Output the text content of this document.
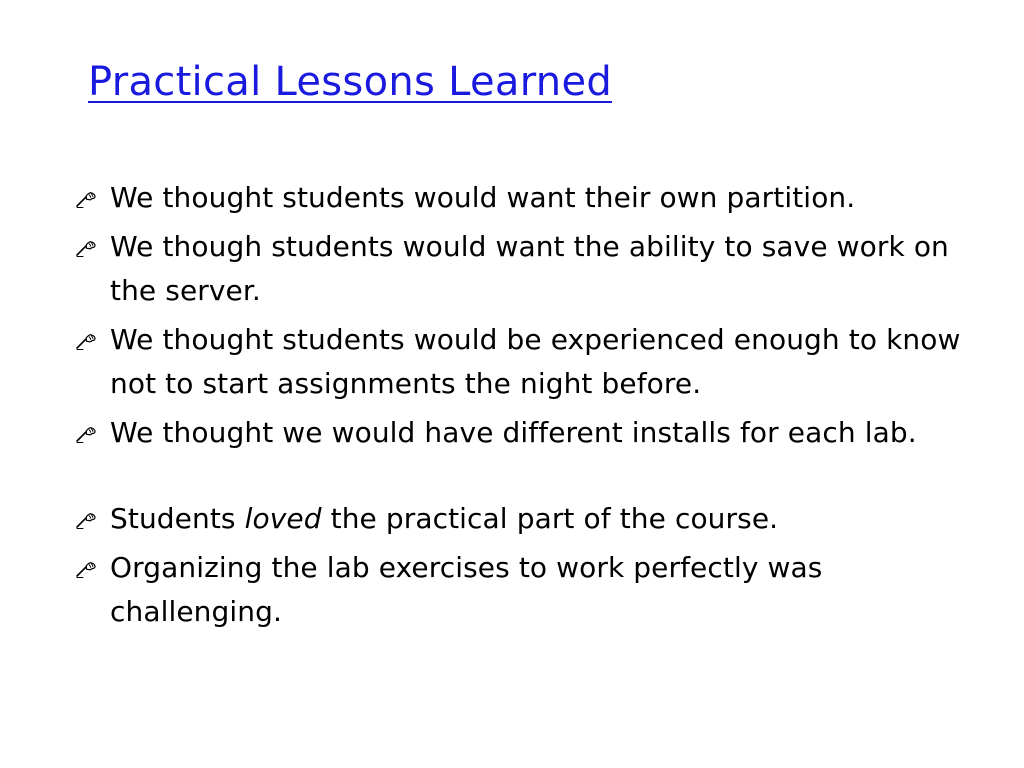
Practical Lessons Learned
We thought students would want their own partition.
We though students would want the ability to save work on the server.
We thought students would be experienced enough to know not to start assignments the night before.
We thought we would have different installs for each lab.
Students loved the practical part of the course.
Organizing the lab exercises to work perfectly was challenging.
